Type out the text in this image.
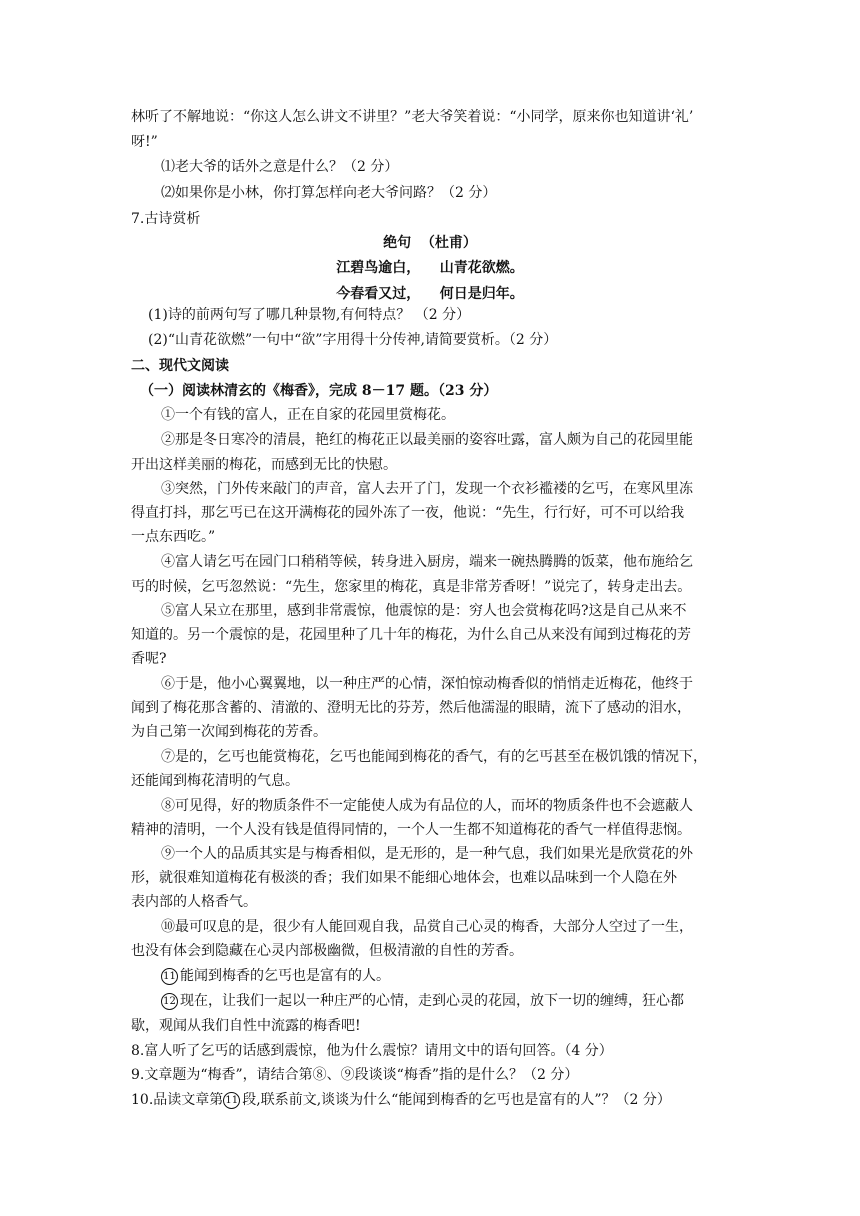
林听了不解地说：“你这人怎么讲文不讲里？”老大爷笑着说：“小同学，原来你也知道讲‘礼’
呀!”
⑴老大爷的话外之意是什么？（2 分）
⑵如果你是小林，你打算怎样向老大爷问路？（2 分）
7.古诗赏析
绝句  （杜甫）
江碧鸟逾白，    山青花欲燃。
今春看又过，    何日是归年。
(1)诗的前两句写了哪几种景物,有何特点？ （2 分）
(2)“山青花欲燃”一句中“欲”字用得十分传神,请简要赏析。（2 分）
二、现代文阅读
（一）阅读林清玄的《梅香》，完成 8－17 题。（23 分）
①一个有钱的富人，正在自家的花园里赏梅花。
②那是冬日寒冷的清晨，艳红的梅花正以最美丽的姿容吐露，富人颇为自己的花园里能
开出这样美丽的梅花，而感到无比的快慰。
③突然，门外传来敲门的声音，富人去开了门，发现一个衣衫褴褛的乞丐，在寒风里冻
得直打抖，那乞丐已在这开满梅花的园外冻了一夜，他说：“先生，行行好，可不可以给我
一点东西吃。”
④富人请乞丐在园门口稍稍等候，转身进入厨房，端来一碗热腾腾的饭菜，他布施给乞
丐的时候，乞丐忽然说：“先生，您家里的梅花，真是非常芳香呀！”说完了，转身走出去。
⑤富人呆立在那里，感到非常震惊，他震惊的是：穷人也会赏梅花吗?这是自己从来不
知道的。另一个震惊的是，花园里种了几十年的梅花，为什么自己从来没有闻到过梅花的芳
香呢?
⑥于是，他小心翼翼地，以一种庄严的心情，深怕惊动梅香似的悄悄走近梅花，他终于
闻到了梅花那含蓄的、清澈的、澄明无比的芬芳，然后他濡湿的眼睛，流下了感动的泪水，
为自己第一次闻到梅花的芳香。
⑦是的，乞丐也能赏梅花，乞丐也能闻到梅花的香气，有的乞丐甚至在极饥饿的情况下，
还能闻到梅花清明的气息。
⑧可见得，好的物质条件不一定能使人成为有品位的人，而坏的物质条件也不会遮蔽人
精神的清明，一个人没有钱是值得同情的，一个人一生都不知道梅花的香气一样值得悲悯。
⑨一个人的品质其实是与梅香相似，是无形的，是一种气息，我们如果光是欣赏花的外
形，就很难知道梅花有极淡的香；我们如果不能细心地体会，也难以品味到一个人隐在外
表内部的人格香气。
⑩最可叹息的是，很少有人能回观自我，品赏自己心灵的梅香，大部分人空过了一生，
也没有体会到隐藏在心灵内部极幽微，但极清澈的自性的芳香。
11 能闻到梅香的乞丐也是富有的人。
12 现在，让我们一起以一种庄严的心情，走到心灵的花园，放下一切的缠缚，狂心都
歇，观闻从我们自性中流露的梅香吧!
8.富人听了乞丐的话感到震惊，他为什么震惊？请用文中的语句回答。（4 分）
9.文章题为“梅香”，请结合第⑧、⑨段谈谈“梅香”指的是什么？（2 分）
10.品读文章第 11 段,联系前文,谈谈为什么“能闻到梅香的乞丐也是富有的人”？（2 分）
